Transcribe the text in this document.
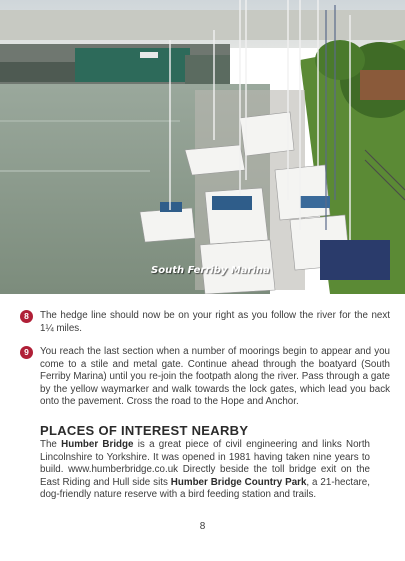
South Ferriby Marina
8	The hedge line should now be on your right as you follow the river for the next 1¼ miles.
9	You reach the last section when a number of moorings begin to appear and you come to a stile and metal gate. Continue ahead through the boatyard (South Ferriby Marina) until you re-join the footpath along the river. Pass through a gate by the yellow waymarker and walk towards the lock gates, which lead you back onto the pavement. Cross the road to the Hope and Anchor.
PLACES OF INTEREST NEARBY
The Humber Bridge is a great piece of civil engineering and links North Lincolnshire to Yorkshire. It was opened in 1981 having taken nine years to build. www.humberbridge.co.uk Directly beside the toll bridge exit on the East Riding and Hull side sits Humber Bridge Country Park, a 21-hectare, dog-friendly nature reserve with a bird feeding station and trails.
8
